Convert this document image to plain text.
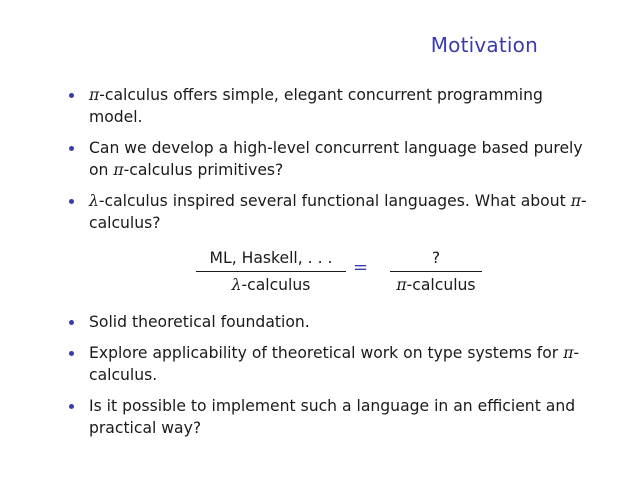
Motivation
π-calculus offers simple, elegant concurrent programming model.
Can we develop a high-level concurrent language based purely on π-calculus primitives?
λ-calculus inspired several functional languages. What about π-calculus?
ML, Haskell, . . .
λ-calculus
=	?
π-calculus
Solid theoretical foundation.
Explore applicability of theoretical work on type systems for π-calculus.
Is it possible to implement such a language in an efficient and practical way?
